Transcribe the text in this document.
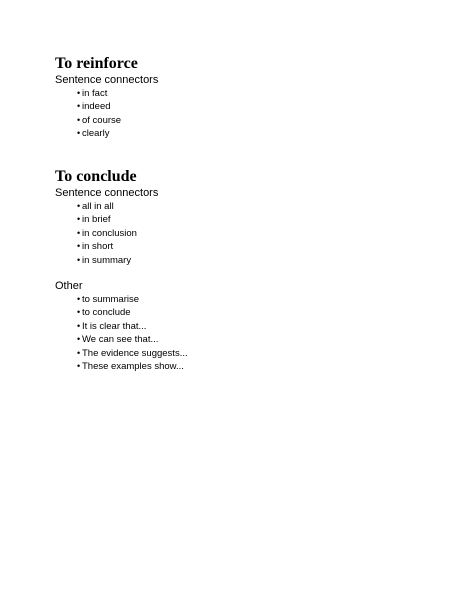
To reinforce

Sentence connectors

• in fact
• indeed
• of course
• clearly
To conclude

Sentence connectors

• all in all
• in brief
• in conclusion
• in short
• in summary

Other

• to summarise
• to conclude
• It is clear that...
• We can see that...
• The evidence suggests...
• These examples show...
